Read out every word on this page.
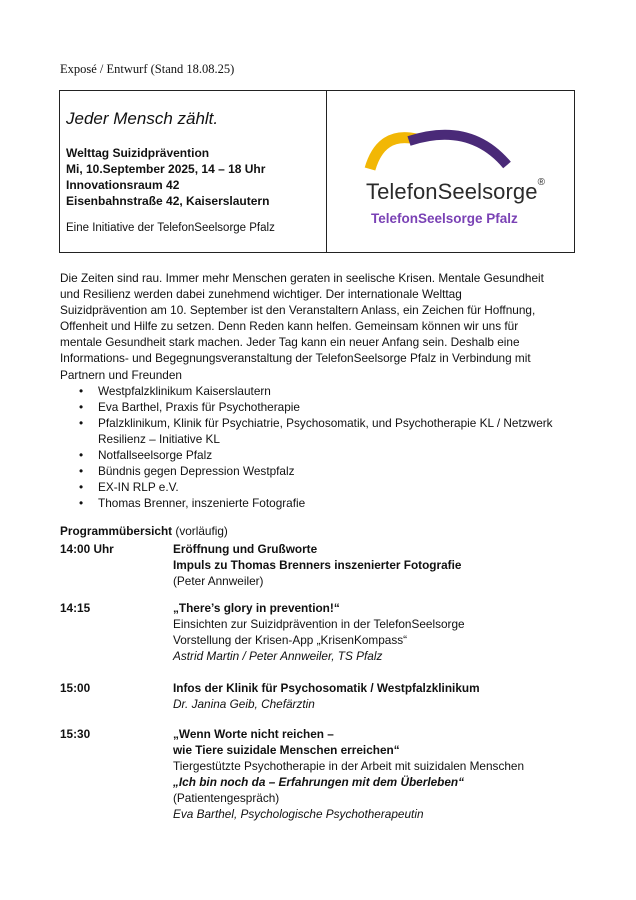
Exposé / Entwurf (Stand 18.08.25)
Jeder Mensch zählt.
Welttag Suizidprävention
Mi, 10.September 2025, 14 – 18 Uhr
Innovationsraum 42
Eisenbahnstraße 42, Kaiserslautern
Eine Initiative der TelefonSeelsorge Pfalz
TelefonSeelsorge®
TelefonSeelsorge Pfalz

Die Zeiten sind rau. Immer mehr Menschen geraten in seelische Krisen. Mentale Gesundheit

und Resilienz werden dabei zunehmend wichtiger. Der internationale Welttag

Suizidprävention am 10. September ist den Veranstaltern Anlass, ein Zeichen für Hoffnung,

Offenheit und Hilfe zu setzen. Denn Reden kann helfen. Gemeinsam können wir uns für

mentale Gesundheit stark machen. Jeder Tag kann ein neuer Anfang sein. Deshalb eine

Informations- und Begegnungsveranstaltung der TelefonSeelsorge Pfalz in Verbindung mit

Partnern und Freunden

• Westpfalzklinikum Kaiserslautern
• Eva Barthel, Praxis für Psychotherapie
• Pfalzklinikum, Klinik für Psychiatrie, Psychosomatik, und Psychotherapie KL / Netzwerk
Resilienz – Initiative KL
• Notfallseelsorge Pfalz
• Bündnis gegen Depression Westpfalz
• EX-IN RLP e.V.
• Thomas Brenner, inszenierte Fotografie
Programmübersicht (vorläufig)
14:00 Uhr	Eröffnung und Grußworte
Impuls zu Thomas Brenners inszenierter Fotografie
(Peter Annweiler)
14:15	„There’s glory in prevention!“
Einsichten zur Suizidprävention in der TelefonSeelsorge
Vorstellung der Krisen-App „KrisenKompass“
Astrid Martin / Peter Annweiler, TS Pfalz
15:00	Infos der Klinik für Psychosomatik / Westpfalzklinikum
Dr. Janina Geib, Chefärztin
15:30	„Wenn Worte nicht reichen –
wie Tiere suizidale Menschen erreichen“
Tiergestützte Psychotherapie in der Arbeit mit suizidalen Menschen
„Ich bin noch da – Erfahrungen mit dem Überleben“
(Patientengespräch)
Eva Barthel, Psychologische Psychotherapeutin
